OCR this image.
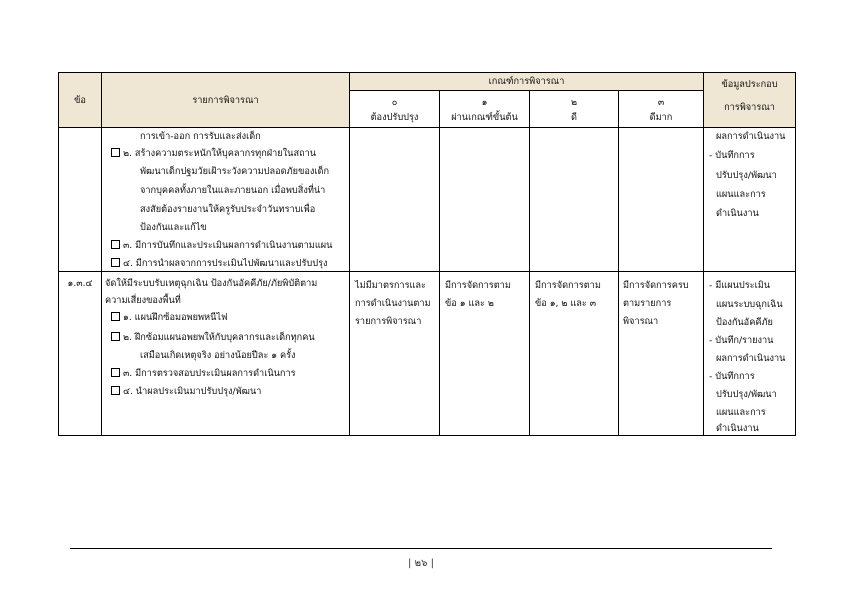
ข้อ	รายการพิจารณา
เกณฑ์การพิจารณา
๐
ต้องปรับปรุง
๑
ผ่านเกณฑ์ขั้นต้น
๒
ดี
๓
ดีมาก
ข้อมูลประกอบ
การพิจารณา
การเข้า-ออก การรับและส่งเด็ก
๒. สร้างความตระหนักให้บุคลากรทุกฝ่ายในสถาน
พัฒนาเด็กปฐมวัยเฝ้าระวังความปลอดภัยของเด็ก
จากบุคคลทั้งภายในและภายนอก เมื่อพบสิ่งที่น่า
สงสัยต้องรายงานให้ครูรับประจำวันทราบเพื่อ
ป้องกันและแก้ไข
๓. มีการบันทึกและประเมินผลการดำเนินงานตามแผน
๔. มีการนำผลจากการประเมินไปพัฒนาและปรับปรุง
ผลการดำเนินงาน
- บันทึกการ
ปรับปรุง/พัฒนา
แผนและการ
ดำเนินงาน
๑.๓.๔	จัดให้มีระบบรับเหตุฉุกเฉิน ป้องกันอัคคีภัย/ภัยพิบัติตาม
ความเสี่ยงของพื้นที่
๑. แผนฝึกซ้อมอพยพหนีไฟ
๒. ฝึกซ้อมแผนอพยพให้กับบุคลากรและเด็กทุกคน
เสมือนเกิดเหตุจริง อย่างน้อยปีละ ๑ ครั้ง
๓. มีการตรวจสอบประเมินผลการดำเนินการ
๔. นำผลประเมินมาปรับปรุง/พัฒนา
ไม่มีมาตรการและ
การดำเนินงานตาม
รายการพิจารณา
มีการจัดการตาม
ข้อ ๑ และ ๒
มีการจัดการตาม
ข้อ ๑, ๒ และ ๓
มีการจัดการครบ
ตามรายการ
พิจารณา
- มีแผนประเมิน
แผนระบบฉุกเฉิน
ป้องกันอัคคีภัย
- บันทึก/รายงาน
ผลการดำเนินงาน
- บันทึกการ
ปรับปรุง/พัฒนา
แผนและการ
ดำเนินงาน
| ๒๖ |
